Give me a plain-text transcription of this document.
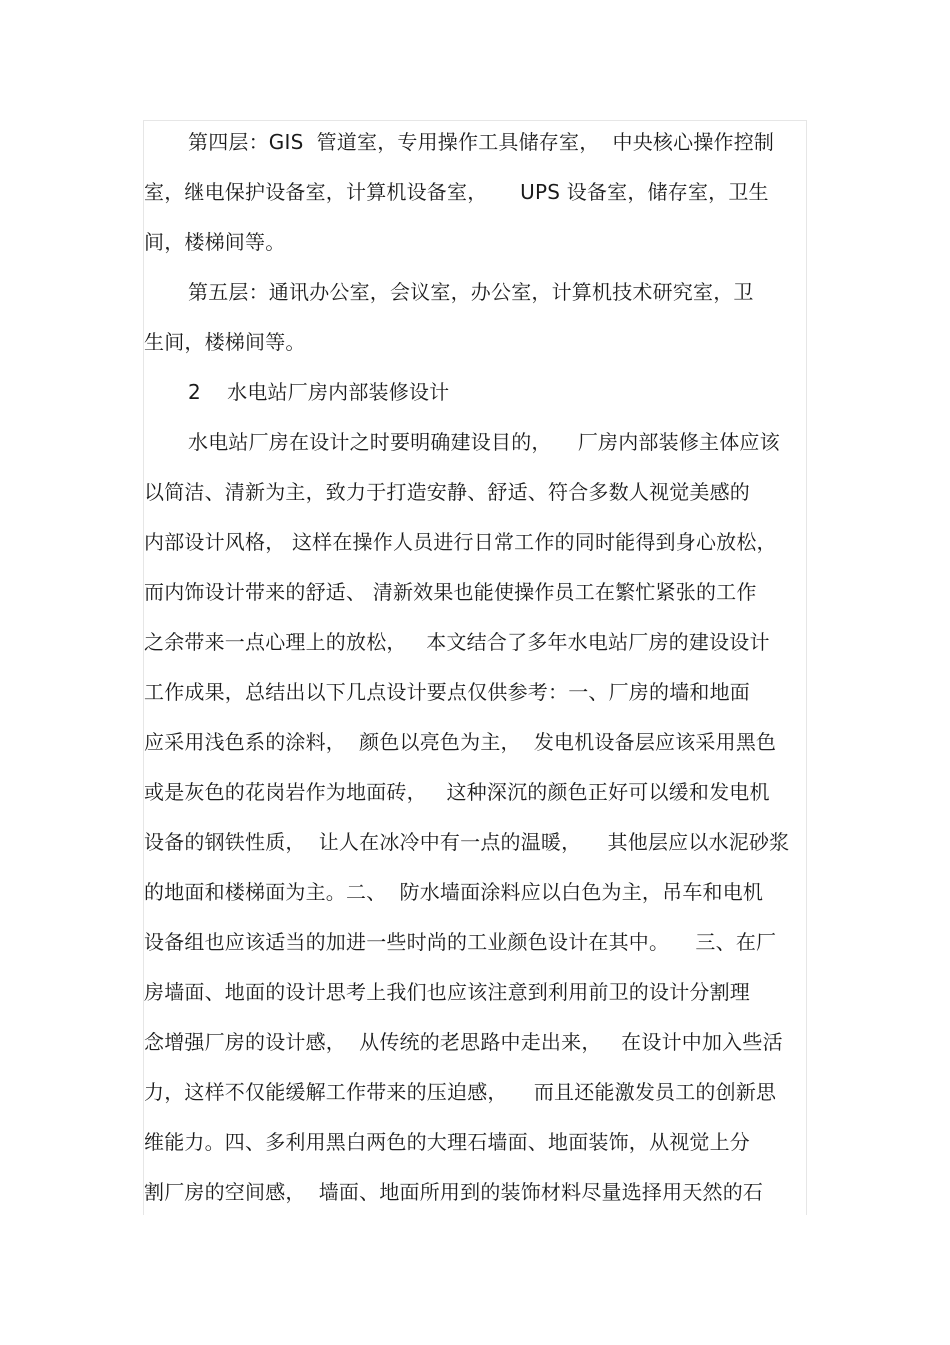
第四层：GIS  管道室，专用操作工具储存室，  中央核心操作控制
室，继电保护设备室，计算机设备室，     UPS 设备室，储存室，卫生
间，楼梯间等。
第五层：通讯办公室，会议室，办公室，计算机技术研究室，卫
生间，楼梯间等。
2    水电站厂房内部装修设计
水电站厂房在设计之时要明确建设目的，    厂房内部装修主体应该
以简洁、清新为主，致力于打造安静、舒适、符合多数人视觉美感的
内部设计风格， 这样在操作人员进行日常工作的同时能得到身心放松，
而内饰设计带来的舒适、 清新效果也能使操作员工在繁忙紧张的工作
之余带来一点心理上的放松，   本文结合了多年水电站厂房的建设设计
工作成果，总结出以下几点设计要点仅供参考：一、厂房的墙和地面
应采用浅色系的涂料，  颜色以亮色为主，  发电机设备层应该采用黑色
或是灰色的花岗岩作为地面砖，   这种深沉的颜色正好可以缓和发电机
设备的钢铁性质，  让人在冰冷中有一点的温暖，    其他层应以水泥砂浆
的地面和楼梯面为主。二、  防水墙面涂料应以白色为主，吊车和电机
设备组也应该适当的加进一些时尚的工业颜色设计在其中。    三、在厂
房墙面、地面的设计思考上我们也应该注意到利用前卫的设计分割理
念增强厂房的设计感，  从传统的老思路中走出来，   在设计中加入些活
力，这样不仅能缓解工作带来的压迫感，    而且还能激发员工的创新思
维能力。四、多利用黑白两色的大理石墙面、地面装饰，从视觉上分
割厂房的空间感，  墙面、地面所用到的装饰材料尽量选择用天然的石
